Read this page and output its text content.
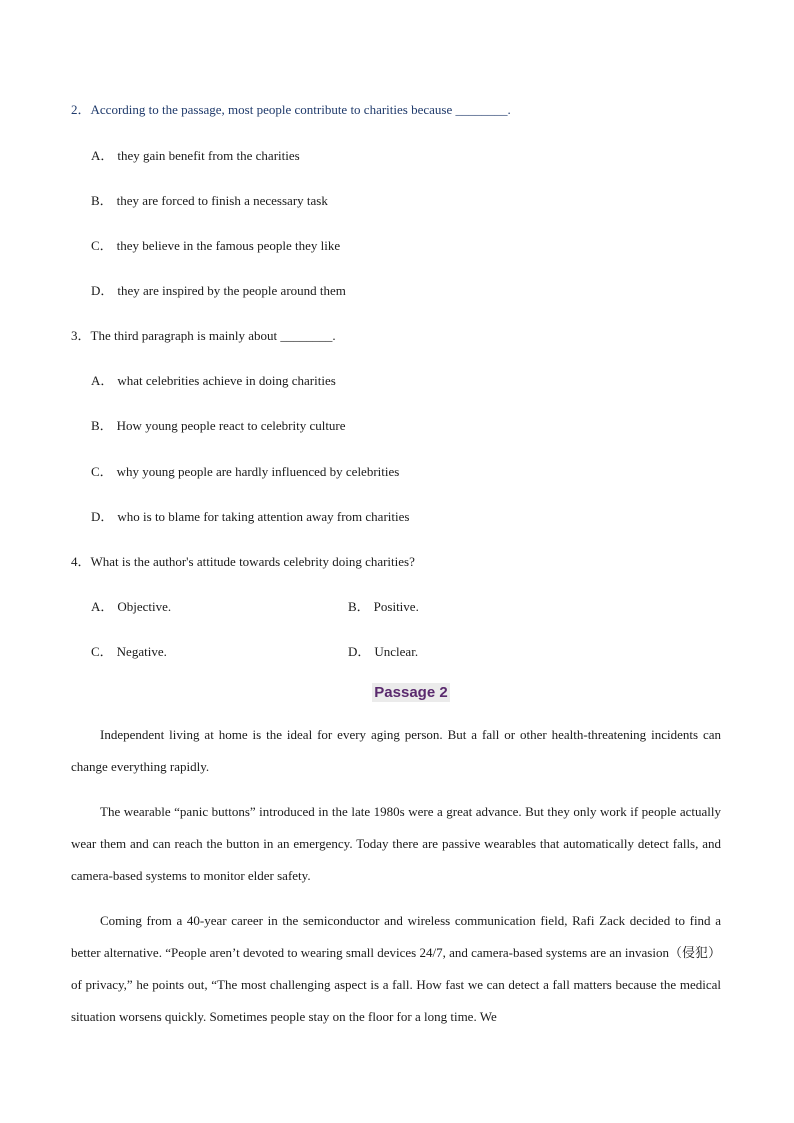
2．According to the passage, most people contribute to charities because ________.
A． they gain benefit from the charities
B． they are forced to finish a necessary task
C． they believe in the famous people they like
D． they are inspired by the people around them
3．The third paragraph is mainly about ________.
A． what celebrities achieve in doing charities
B． How young people react to celebrity culture
C． why young people are hardly influenced by celebrities
D． who is to blame for taking attention away from charities
4．What is the author's attitude towards celebrity doing charities?
A． Objective.	B． Positive.
C． Negative.	D． Unclear.
Passage 2
Independent living at home is the ideal for every aging person. But a fall or other health-threatening incidents can change everything rapidly.
The wearable “panic buttons” introduced in the late 1980s were a great advance. But they only work if people actually wear them and can reach the button in an emergency. Today there are passive wearables that automatically detect falls, and camera-based systems to monitor elder safety.
Coming from a 40-year career in the semiconductor and wireless communication field, Rafi Zack decided to find a better alternative. “People aren’t devoted to wearing small devices 24/7, and camera-based systems are an invasion（侵犯）of privacy,” he points out, “The most challenging aspect is a fall. How fast we can detect a fall matters because the medical situation worsens quickly. Sometimes people stay on the floor for a long time. We
